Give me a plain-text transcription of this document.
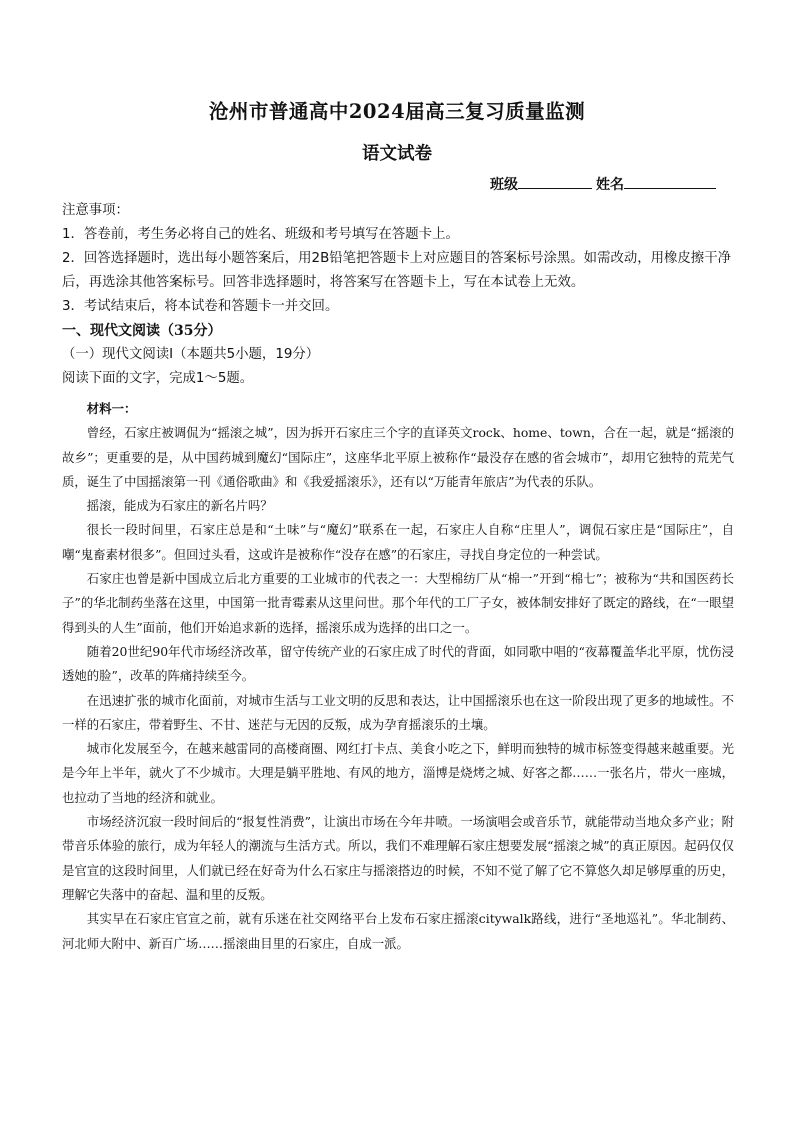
沧州市普通高中2024届高三复习质量监测
语文试卷
班级	姓名

注意事项：

1．答卷前，考生务必将自己的姓名、班级和考号填写在答题卡上。

2．回答选择题时，选出每小题答案后，用2B铅笔把答题卡上对应题目的答案标号涂黑。如需改动，用橡皮擦干净后，再选涂其他答案标号。回答非选择题时，将答案写在答题卡上，写在本试卷上无效。

3．考试结束后，将本试卷和答题卡一并交回。

一、现代文阅读（35分）

（一）现代文阅读Ⅰ（本题共5小题，19分）

阅读下面的文字，完成1～5题。

材料一：

曾经，石家庄被调侃为“摇滚之城”，因为拆开石家庄三个字的直译英文rock、home、town，合在一起，就是“摇滚的故乡”；更重要的是，从中国药城到魔幻“国际庄”，这座华北平原上被称作“最没存在感的省会城市”，却用它独特的荒芜气质，诞生了中国摇滚第一刊《通俗歌曲》和《我爱摇滚乐》，还有以“万能青年旅店”为代表的乐队。

摇滚，能成为石家庄的新名片吗？

很长一段时间里，石家庄总是和“土味”与“魔幻”联系在一起，石家庄人自称“庄里人”，调侃石家庄是“国际庄”，自嘲“鬼畜素材很多”。但回过头看，这或许是被称作“没存在感”的石家庄，寻找自身定位的一种尝试。

石家庄也曾是新中国成立后北方重要的工业城市的代表之一：大型棉纺厂从“棉一”开到“棉七”；被称为“共和国医药长子”的华北制药坐落在这里，中国第一批青霉素从这里问世。那个年代的工厂子女，被体制安排好了既定的路线，在“一眼望得到头的人生”面前，他们开始追求新的选择，摇滚乐成为选择的出口之一。

随着20世纪90年代市场经济改革，留守传统产业的石家庄成了时代的背面，如同歌中唱的“夜幕覆盖华北平原，忧伤浸透她的脸”，改革的阵痛持续至今。

在迅速扩张的城市化面前，对城市生活与工业文明的反思和表达，让中国摇滚乐也在这一阶段出现了更多的地域性。不一样的石家庄，带着野生、不甘、迷茫与无因的反叛，成为孕育摇滚乐的土壤。

城市化发展至今，在越来越雷同的高楼商圈、网红打卡点、美食小吃之下，鲜明而独特的城市标签变得越来越重要。光是今年上半年，就火了不少城市。大理是躺平胜地、有风的地方，淄博是烧烤之城、好客之都……一张名片，带火一座城，也拉动了当地的经济和就业。

市场经济沉寂一段时间后的“报复性消费”，让演出市场在今年井喷。一场演唱会或音乐节，就能带动当地众多产业；附带音乐体验的旅行，成为年轻人的潮流与生活方式。所以，我们不难理解石家庄想要发展“摇滚之城”的真正原因。起码仅仅是官宣的这段时间里，人们就已经在好奇为什么石家庄与摇滚搭边的时候，不知不觉了解了它不算悠久却足够厚重的历史，理解它失落中的奋起、温和里的反叛。

其实早在石家庄官宣之前，就有乐迷在社交网络平台上发布石家庄摇滚citywalk路线，进行“圣地巡礼”。华北制药、河北师大附中、新百广场……摇滚曲目里的石家庄，自成一派。
